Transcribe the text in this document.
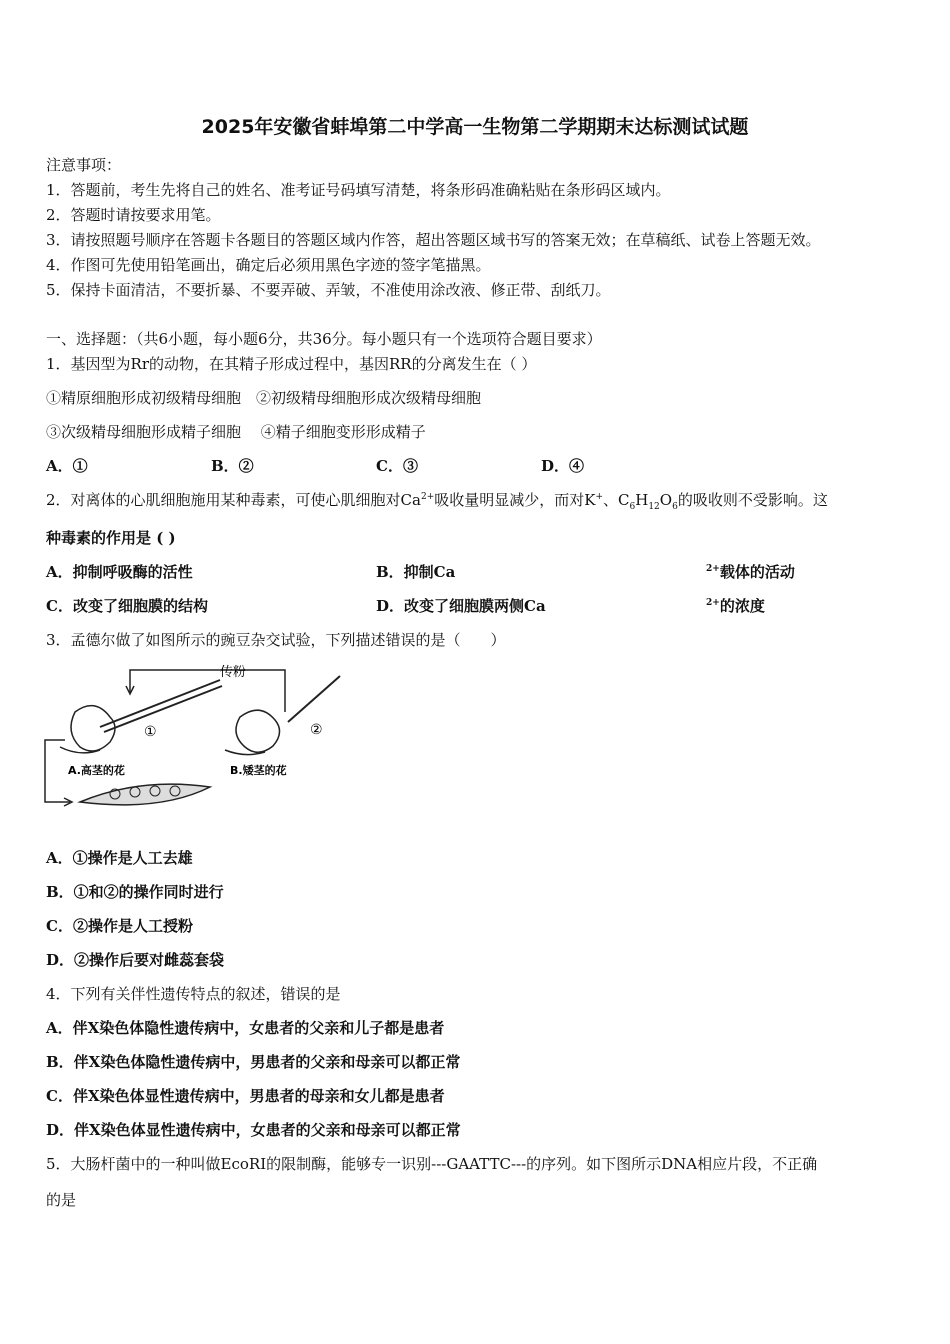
2025年安徽省蚌埠第二中学高一生物第二学期期末达标测试试题
注意事项：
1．答题前，考生先将自己的姓名、准考证号码填写清楚，将条形码准确粘贴在条形码区域内。
2．答题时请按要求用笔。
3．请按照题号顺序在答题卡各题目的答题区域内作答，超出答题区域书写的答案无效；在草稿纸、试卷上答题无效。
4．作图可先使用铅笔画出，确定后必须用黑色字迹的签字笔描黑。
5．保持卡面清洁，不要折暴、不要弄破、弄皱，不准使用涂改液、修正带、刮纸刀。
一、选择题：（共6小题，每小题6分，共36分。每小题只有一个选项符合题目要求）
1．基因型为Rr的动物，在其精子形成过程中，基因RR的分离发生在（ ）
①精原细胞形成初级精母细胞　②初级精母细胞形成次级精母细胞
③次级精母细胞形成精子细胞　 ④精子细胞变形形成精子
A．①	B．②	C．③	D．④
2．对离体的心肌细胞施用某种毒素，可使心肌细胞对$Ca^{2+}$吸收量明显减少，而对K+、$C_6H_{12}O_6$的吸收则不受影响。这
种毒素的作用是 ( )
A．抑制呼吸酶的活性	B．抑制Ca	$^{2+}$载体的活动
C．改变了细胞膜的结构	D．改变了细胞膜两侧Ca	$^{2+}$的浓度
3．孟德尔做了如图所示的豌豆杂交试验，下列描述错误的是（　　）
传粉
①
A.高茎的花
②
B.矮茎的花
A．①操作是人工去雄
B．①和②的操作同时进行
C．②操作是人工授粉
D．②操作后要对雌蕊套袋
4．下列有关伴性遗传特点的叙述，错误的是
A．伴X染色体隐性遗传病中，女患者的父亲和儿子都是患者
B．伴X染色体隐性遗传病中，男患者的父亲和母亲可以都正常
C．伴X染色体显性遗传病中，男患者的母亲和女儿都是患者
D．伴X染色体显性遗传病中，女患者的父亲和母亲可以都正常
5．大肠杆菌中的一种叫做EcoRI的限制酶，能够专一识别---GAATTC---的序列。如下图所示DNA相应片段，不正确
的是
